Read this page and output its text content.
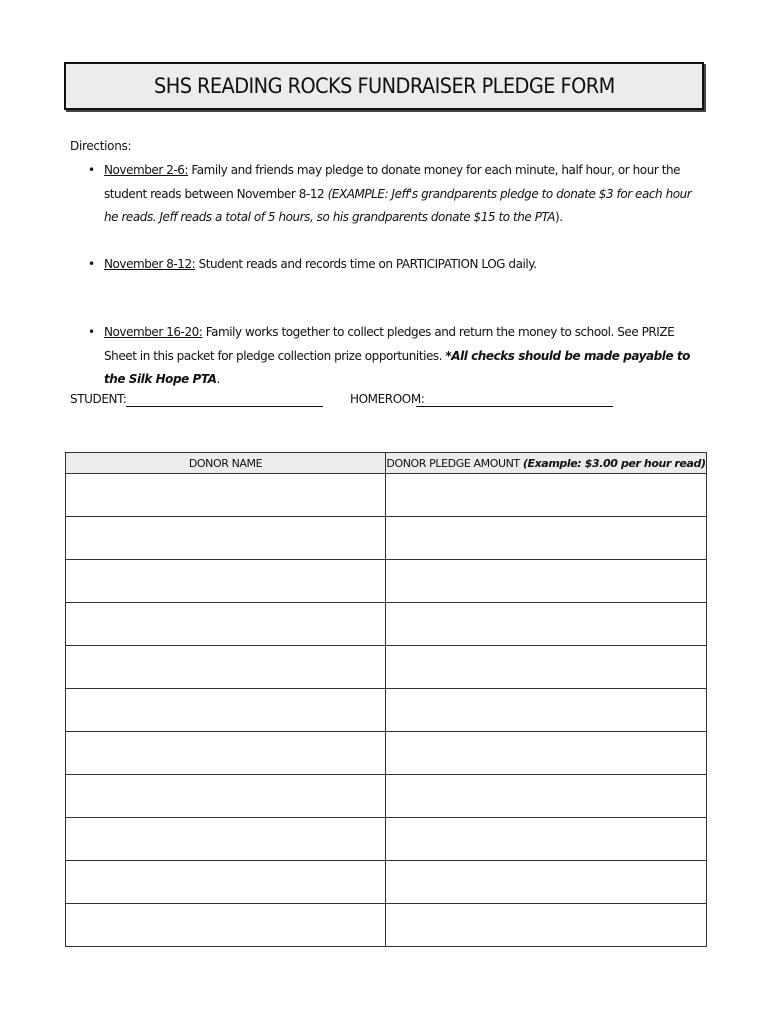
SHS READING ROCKS FUNDRAISER PLEDGE FORM
Directions:
• November 2-6: Family and friends may pledge to donate money for each minute, half hour, or hour the student reads between November 8-12 (EXAMPLE: Jeff's grandparents pledge to donate $3 for each hour he reads. Jeff reads a total of 5 hours, so his grandparents donate $15 to the PTA).
• November 8-12: Student reads and records time on PARTICIPATION LOG daily.
• November 16-20: Family works together to collect pledges and return the money to school. See PRIZE Sheet in this packet for pledge collection prize opportunities. *All checks should be made payable to the Silk Hope PTA.
STUDENT:	HOMEROOM:
DONOR NAME	DONOR PLEDGE AMOUNT (Example: $3.00 per hour read)
